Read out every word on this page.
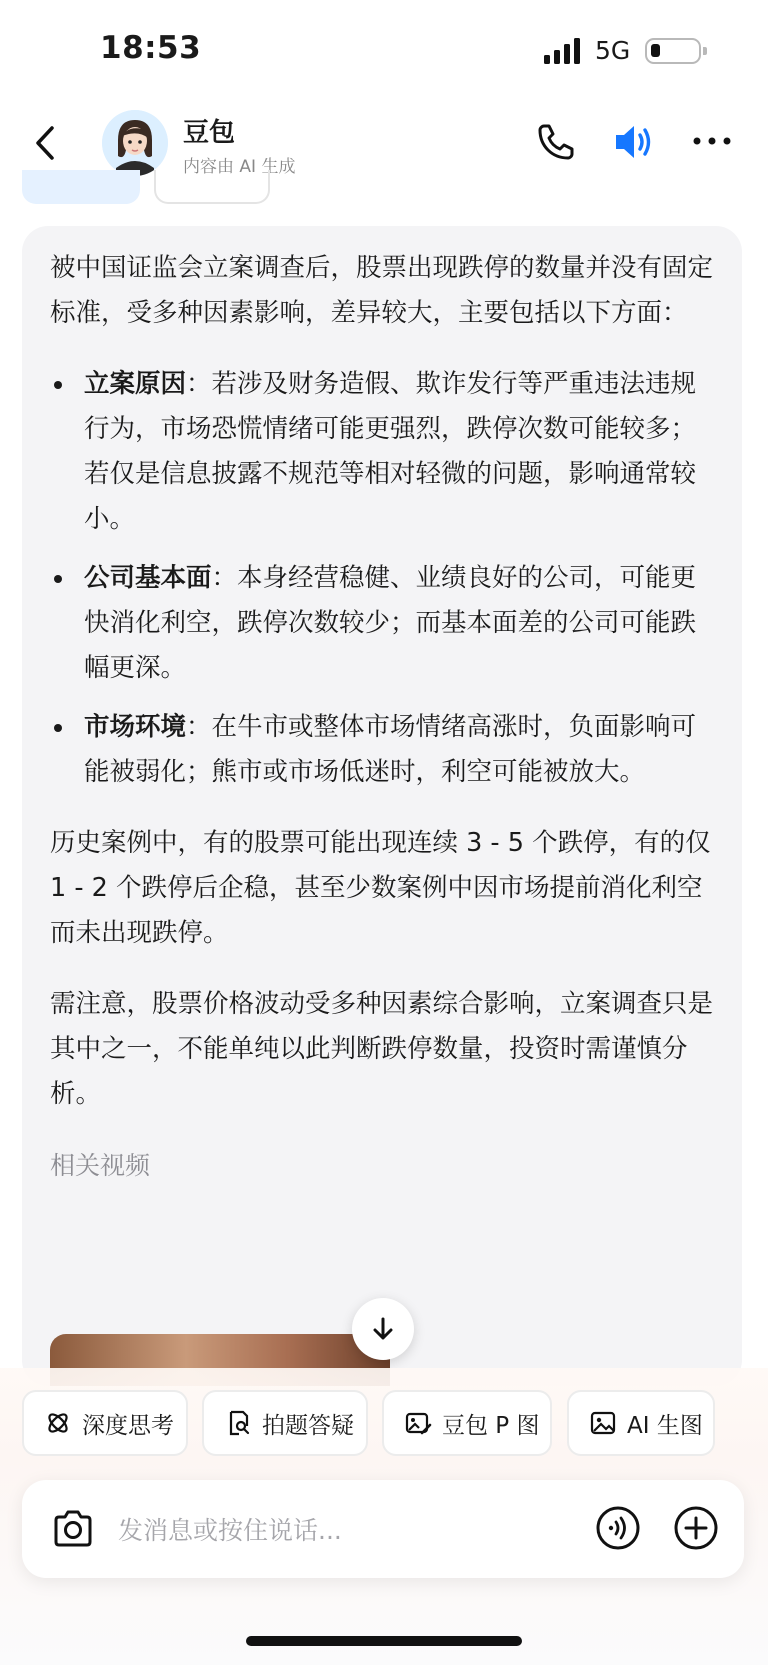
18:53	5G
豆包
内容由 AI 生成

被中国证监会立案调查后，股票出现跌停的数量并没有固定标准，受多种因素影响，差异较大，主要包括以下方面：

立案原因：若涉及财务造假、欺诈发行等严重违法违规行为，市场恐慌情绪可能更强烈，跌停次数可能较多；若仅是信息披露不规范等相对轻微的问题，影响通常较小。
公司基本面：本身经营稳健、业绩良好的公司，可能更快消化利空，跌停次数较少；而基本面差的公司可能跌幅更深。
市场环境：在牛市或整体市场情绪高涨时，负面影响可能被弱化；熊市或市场低迷时，利空可能被放大。

历史案例中，有的股票可能出现连续 3 - 5 个跌停，有的仅 1 - 2 个跌停后企稳，甚至少数案例中因市场提前消化利空而未出现跌停。

需注意，股票价格波动受多种因素综合影响，立案调查只是其中之一，不能单纯以此判断跌停数量，投资时需谨慎分析。

相关视频

深度思考	拍题答疑	豆包 P 图	AI 生图
发消息或按住说话...
